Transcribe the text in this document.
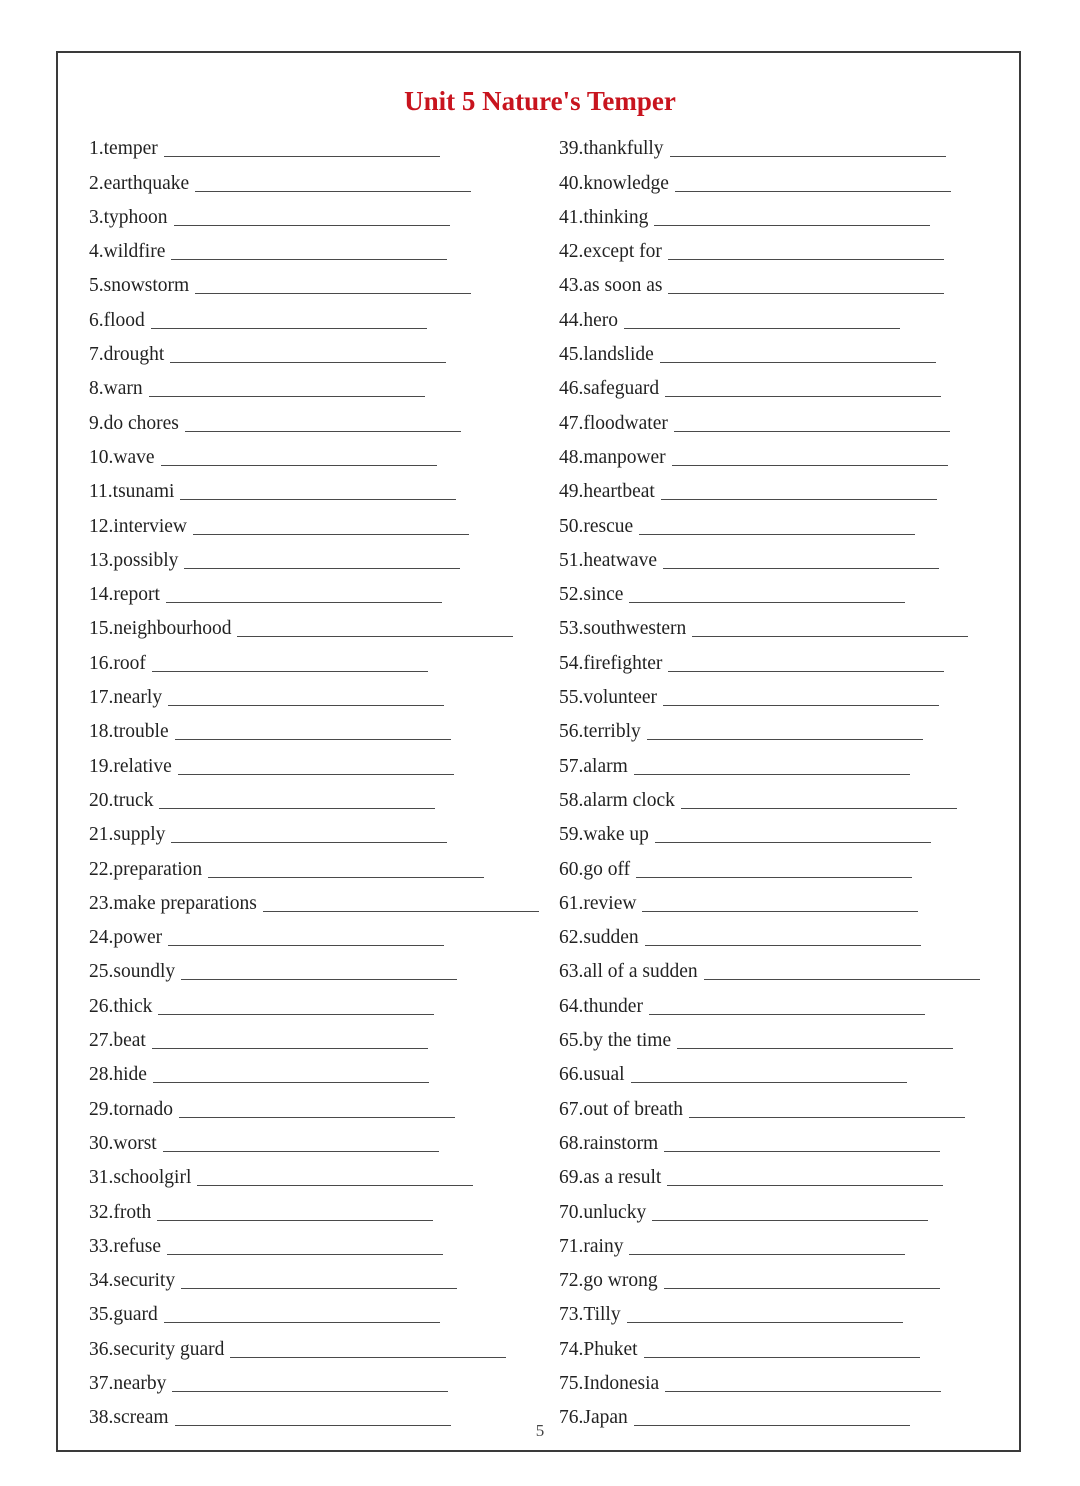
Unit 5 Nature's Temper
1.temper
2.earthquake
3.typhoon
4.wildfire
5.snowstorm
6.flood
7.drought
8.warn
9.do chores
10.wave
11.tsunami
12.interview
13.possibly
14.report
15.neighbourhood
16.roof
17.nearly
18.trouble
19.relative
20.truck
21.supply
22.preparation
23.make preparations
24.power
25.soundly
26.thick
27.beat
28.hide
29.tornado
30.worst
31.schoolgirl
32.froth
33.refuse
34.security
35.guard
36.security guard
37.nearby
38.scream
39.thankfully
40.knowledge
41.thinking
42.except for
43.as soon as
44.hero
45.landslide
46.safeguard
47.floodwater
48.manpower
49.heartbeat
50.rescue
51.heatwave
52.since
53.southwestern
54.firefighter
55.volunteer
56.terribly
57.alarm
58.alarm clock
59.wake up
60.go off
61.review
62.sudden
63.all of a sudden
64.thunder
65.by the time
66.usual
67.out of breath
68.rainstorm
69.as a result
70.unlucky
71.rainy
72.go wrong
73.Tilly
74.Phuket
75.Indonesia
76.Japan
5
